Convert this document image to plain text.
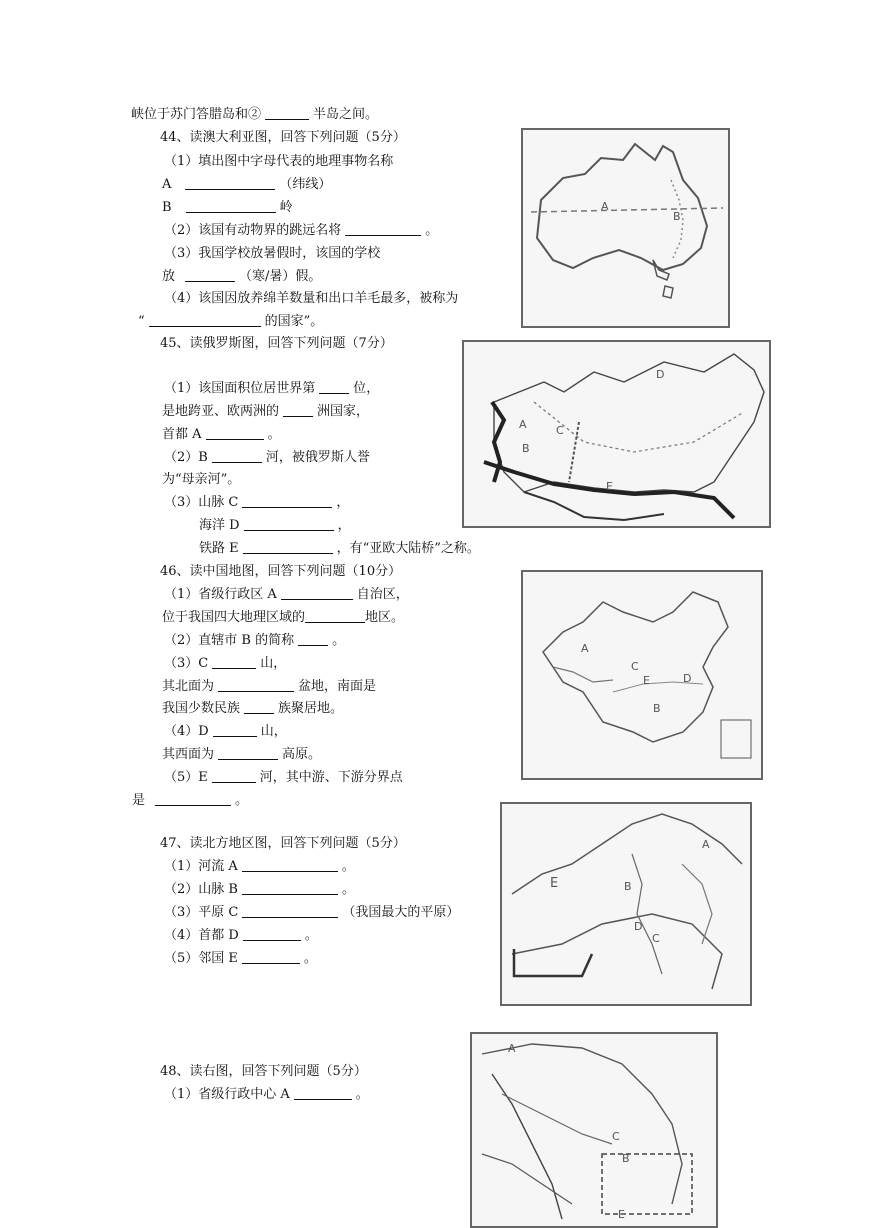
峡位于苏门答腊岛和②	半岛之间。
44、读澳大利亚图，回答下列问题（5分）
（1）填出图中字母代表的地理事物名称
A	（纬线）
B	岭
（2）该国有动物界的跳远名将	。
（3）我国学校放暑假时，该国的学校
放	（寒/暑）假。
（4）该国因放养绵羊数量和出口羊毛最多，被称为
“	的国家”。
A
B
45、读俄罗斯图，回答下列问题（7分）
（1）该国面积位居世界第	位，
是地跨亚、欧两洲的	洲国家，
首都 A	。
（2）B	河，被俄罗斯人誉
为“母亲河”。
（3）山脉 C	，
海洋 D	，
铁路 E	，有“亚欧大陆桥”之称。
A
B
C
D
E
46、读中国地图，回答下列问题（10分）
（1）省级行政区 A	自治区，
位于我国四大地理区域的	地区。
（2）直辖市 B 的简称	。
（3）C	山，
其北面为	盆地，南面是
我国少数民族	族聚居地。
（4）D	山，
其西面为	高原。
（5）E	河，其中游、下游分界点
是	。
A
B
C
D
E
47、读北方地区图，回答下列问题（5分）
（1）河流 A	。
（2）山脉 B	。
（3）平原 C	（我国最大的平原）
（4）首都 D	。
（5）邻国 E	。
A
B
C
D
E
48、读右图，回答下列问题（5分）
（1）省级行政中心 A	。
A
B
C
E
